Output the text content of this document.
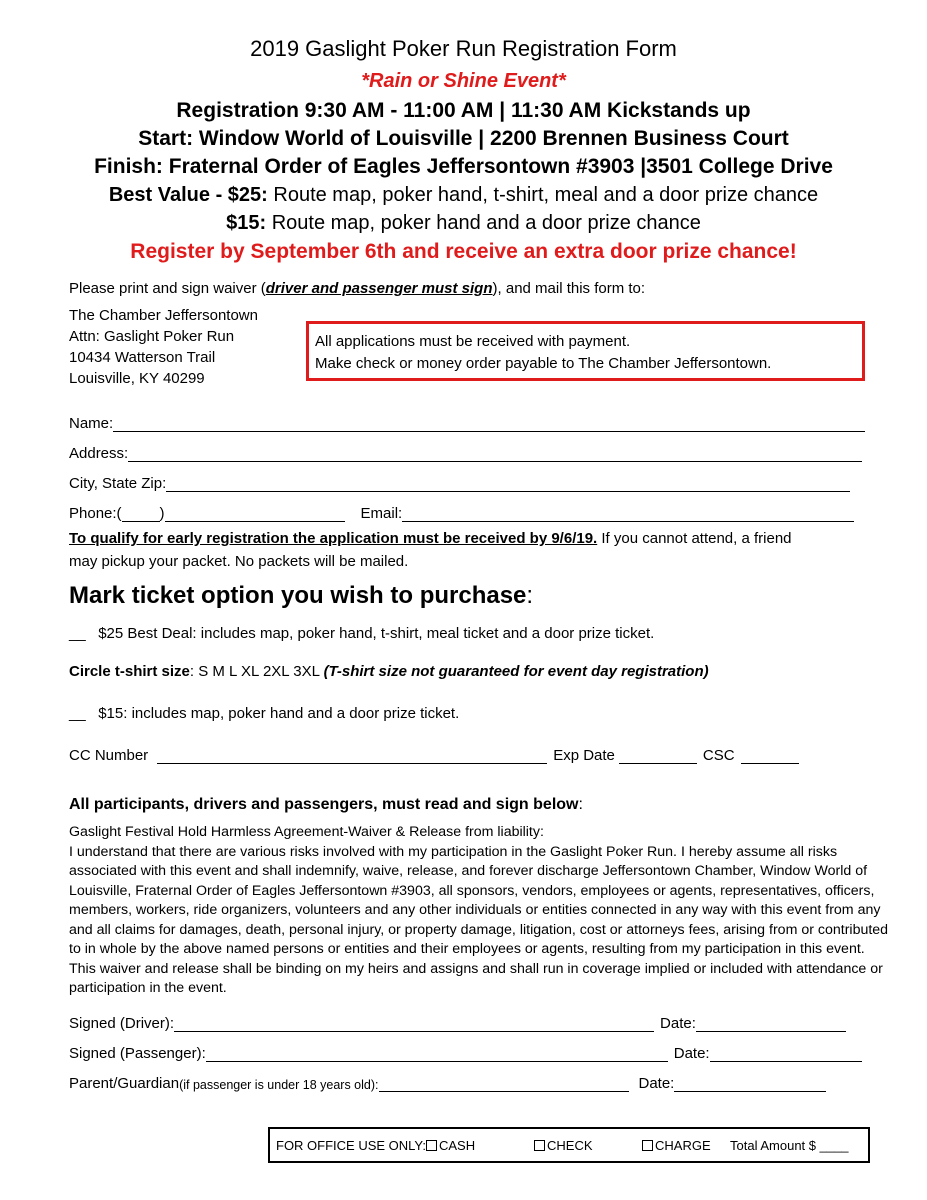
2019 Gaslight Poker Run Registration Form
*Rain or Shine Event*
Registration 9:30 AM - 11:00 AM | 11:30 AM Kickstands up
Start: Window World of Louisville | 2200 Brennen Business Court
Finish: Fraternal Order of Eagles Jeffersontown #3903 |3501 College Drive
Best Value - $25: Route map, poker hand, t-shirt, meal and a door prize chance
$15: Route map, poker hand and a door prize chance
Register by September 6th and receive an extra door prize chance!
Please print and sign waiver (driver and passenger must sign), and mail this form to:
The Chamber Jeffersontown
Attn: Gaslight Poker Run
10434 Watterson Trail
Louisville, KY 40299
All applications must be received with payment.
Make check or money order payable to The Chamber Jeffersontown.
Name:
Address:
City, State Zip:
Phone:(	)	Email:
To qualify for early registration the application must be received by 9/6/19. If you cannot attend, a friend
may pickup your packet. No packets will be mailed.
Mark ticket option you wish to purchase:
__ $25 Best Deal: includes map, poker hand, t-shirt, meal ticket and a door prize ticket.
Circle t-shirt size: S M L XL 2XL 3XL (T-shirt size not guaranteed for event day registration)
__ $15: includes map, poker hand and a door prize ticket.
CC Number	Exp Date	CSC
All participants, drivers and passengers, must read and sign below:
Gaslight Festival Hold Harmless Agreement-Waiver & Release from liability:
I understand that there are various risks involved with my participation in the Gaslight Poker Run. I hereby assume all risks associated with this event and shall indemnify, waive, release, and forever discharge Jeffersontown Chamber, Window World of Louisville, Fraternal Order of Eagles Jeffersontown #3903, all sponsors, vendors, employees or agents, representatives, officers, members, workers, ride organizers, volunteers and any other individuals or entities connected in any way with this event from any and all claims for damages, death, personal injury, or property damage, litigation, cost or attorneys fees, arising from or contributed to in whole by the above named persons or entities and their employees or agents, resulting from my participation in this event. This waiver and release shall be binding on my heirs and assigns and shall run in coverage implied or included with attendance or participation in the event.
Signed (Driver):	Date:
Signed (Passenger):	Date:
Parent/Guardian (if passenger is under 18 years old):	Date:
FOR OFFICE USE ONLY: CASH	CHECK	CHARGE Total Amount $ ____
